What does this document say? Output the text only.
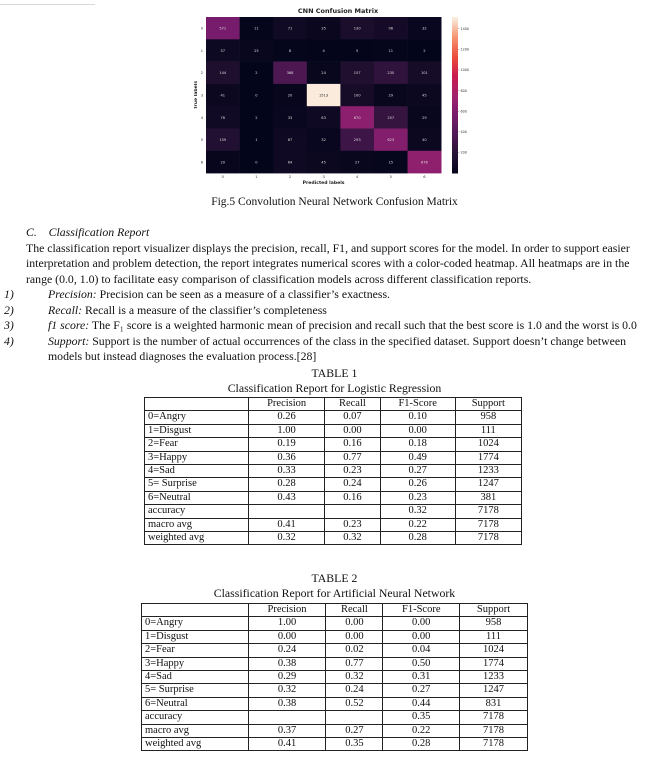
CNN Confusion Matrix
571	11	71	35	130	96	32
57	25	8	4	5	11	2
144	2	368	24	157	230	101
41	0	20	1513	100	29	45
76	2	33	63	670	257	29
159	1	67	32	293	623	40
20	0	64	45	27	15	676
0
1
2
3
4
5
6
0	1	2	3	4	5	6
Predicted labels
True labels
200
400
600
800
1000
1200
1400
Fig.5 Convolution Neural Network Confusion Matrix
C. Classification Report
The classification report visualizer displays the precision, recall, F1, and support scores for the model. In order to support easier interpretation and problem detection, the report integrates numerical scores with a color-coded heatmap. All heatmaps are in the range (0.0, 1.0) to facilitate easy comparison of classification models across different classification reports.
1)	Precision: Precision can be seen as a measure of a classifier’s exactness.
2)	Recall: Recall is a measure of the classifier’s completeness
3)	f1 score: The F₁ score is a weighted harmonic mean of precision and recall such that the best score is 1.0 and the worst is 0.0
4)	Support: Support is the number of actual occurrences of the class in the specified dataset. Support doesn’t change between models but instead diagnoses the evaluation process.[28]
TABLE 1
Classification Report for Logistic Regression
	Precision	Recall	F1-Score	Support
0=Angry	0.26	0.07	0.10	958
1=Disgust	1.00	0.00	0.00	111
2=Fear	0.19	0.16	0.18	1024
3=Happy	0.36	0.77	0.49	1774
4=Sad	0.33	0.23	0.27	1233
5= Surprise	0.28	0.24	0.26	1247
6=Neutral	0.43	0.16	0.23	381
accuracy			0.32	7178
macro avg	0.41	0.23	0.22	7178
weighted avg	0.32	0.32	0.28	7178
TABLE 2
Classification Report for Artificial Neural Network
	Precision	Recall	F1-Score	Support
0=Angry	1.00	0.00	0.00	958
1=Disgust	0.00	0.00	0.00	111
2=Fear	0.24	0.02	0.04	1024
3=Happy	0.38	0.77	0.50	1774
4=Sad	0.29	0.32	0.31	1233
5= Surprise	0.32	0.24	0.27	1247
6=Neutral	0.38	0.52	0.44	831
accuracy			0.35	7178
macro avg	0.37	0.27	0.22	7178
weighted avg	0.41	0.35	0.28	7178
